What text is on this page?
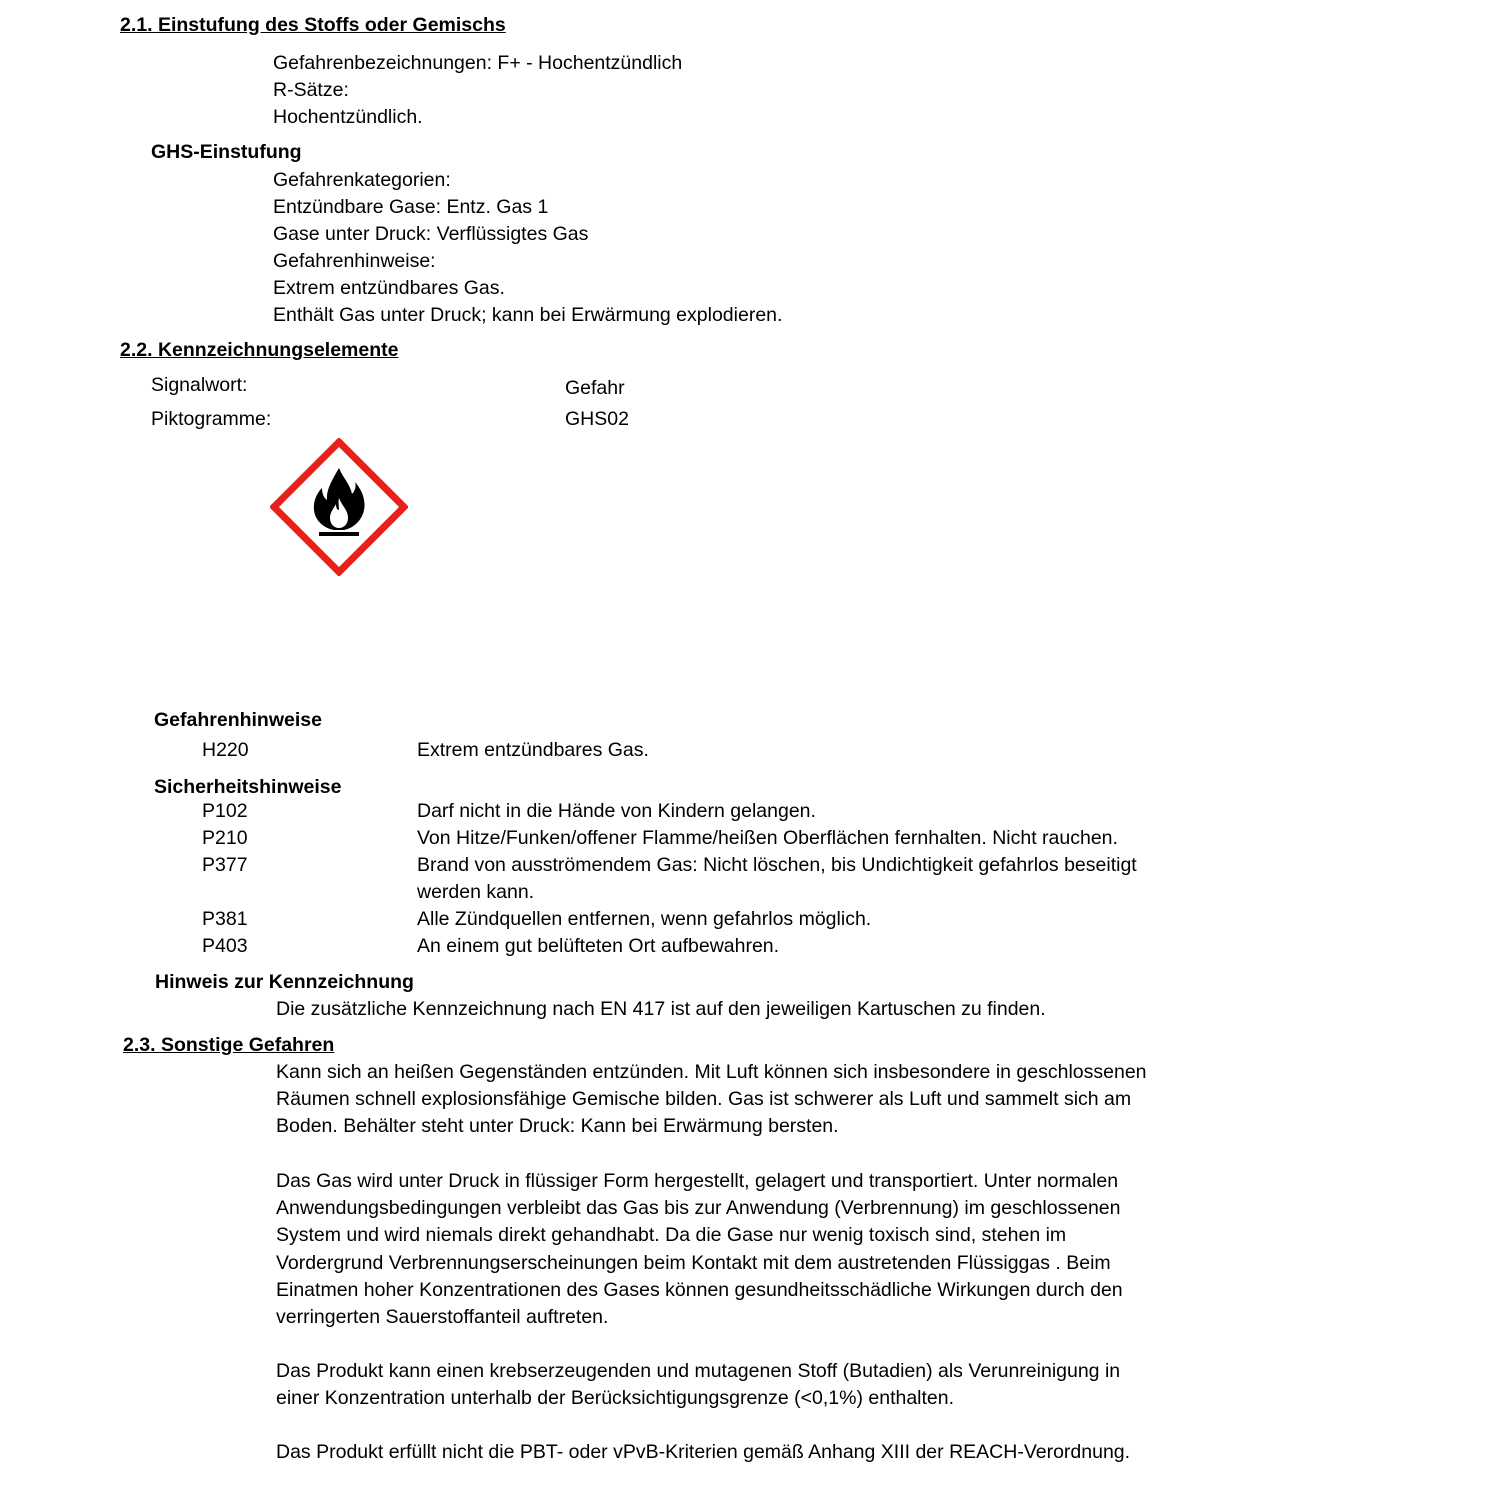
2.1. Einstufung des Stoffs oder Gemischs
Gefahrenbezeichnungen: F+ - Hochentzündlich
R-Sätze:
Hochentzündlich.
GHS-Einstufung
Gefahrenkategorien:
Entzündbare Gase: Entz. Gas 1
Gase unter Druck: Verflüssigtes Gas
Gefahrenhinweise:
Extrem entzündbares Gas.
Enthält Gas unter Druck; kann bei Erwärmung explodieren.
2.2. Kennzeichnungselemente
Signalwort:	Gefahr
Piktogramme:	GHS02
Gefahrenhinweise
H220	Extrem entzündbares Gas.
Sicherheitshinweise
P102	Darf nicht in die Hände von Kindern gelangen.
P210	Von Hitze/Funken/offener Flamme/heißen Oberflächen fernhalten. Nicht rauchen.
P377	Brand von ausströmendem Gas: Nicht löschen, bis Undichtigkeit gefahrlos beseitigt
werden kann.
P381	Alle Zündquellen entfernen, wenn gefahrlos möglich.
P403	An einem gut belüfteten Ort aufbewahren.
Hinweis zur Kennzeichnung
Die zusätzliche Kennzeichnung nach EN 417 ist auf den jeweiligen Kartuschen zu finden.
2.3. Sonstige Gefahren
Kann sich an heißen Gegenständen entzünden. Mit Luft können sich insbesondere in geschlossenen
Räumen schnell explosionsfähige Gemische bilden. Gas ist schwerer als Luft und sammelt sich am
Boden. Behälter steht unter Druck: Kann bei Erwärmung bersten.
Das Gas wird unter Druck in flüssiger Form hergestellt, gelagert und transportiert. Unter normalen
Anwendungsbedingungen verbleibt das Gas bis zur Anwendung (Verbrennung) im geschlossenen
System und wird niemals direkt gehandhabt. Da die Gase nur wenig toxisch sind, stehen im
Vordergrund Verbrennungserscheinungen beim Kontakt mit dem austretenden Flüssiggas . Beim
Einatmen hoher Konzentrationen des Gases können gesundheitsschädliche Wirkungen durch den
verringerten Sauerstoffanteil auftreten.
Das Produkt kann einen krebserzeugenden und mutagenen Stoff (Butadien) als Verunreinigung in
einer Konzentration unterhalb der Berücksichtigungsgrenze (<0,1%) enthalten.
Das Produkt erfüllt nicht die PBT- oder vPvB-Kriterien gemäß Anhang XIII der REACH-Verordnung.
